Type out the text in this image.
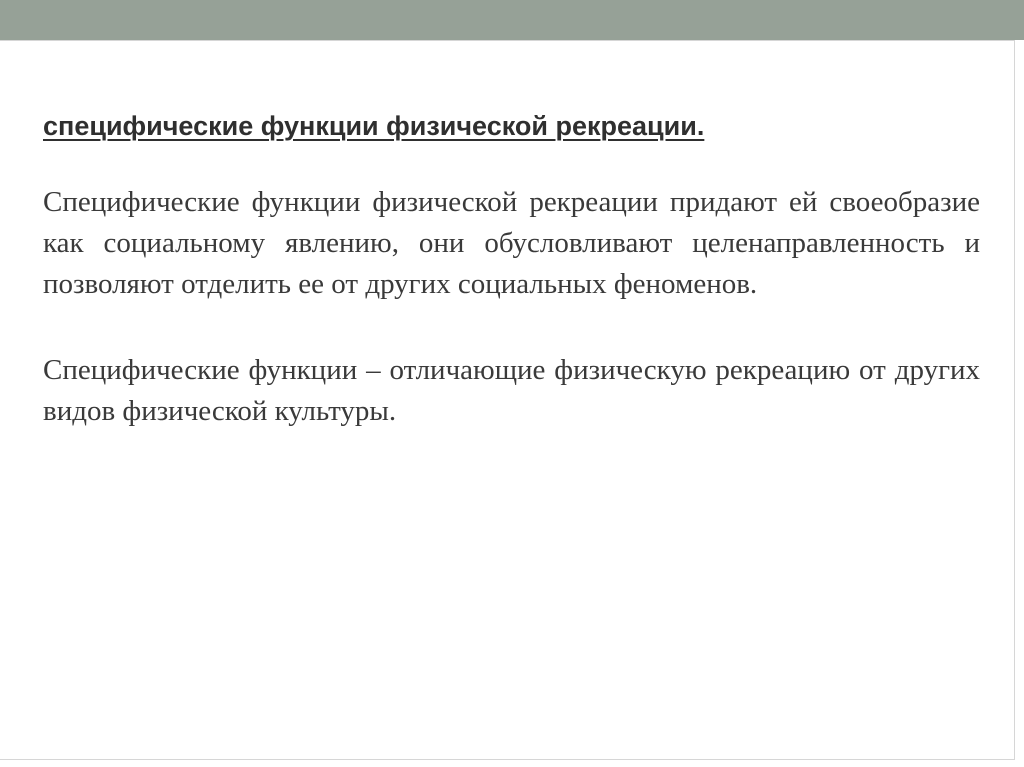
специфические функции физической рекреации.

Специфические функции физической рекреации придают ей своеобразие как социальному явлению, они обусловливают целенаправленность и позволяют отделить ее от других социальных феноменов.

Специфические функции – отличающие физическую рекреацию от других видов физической культуры.
